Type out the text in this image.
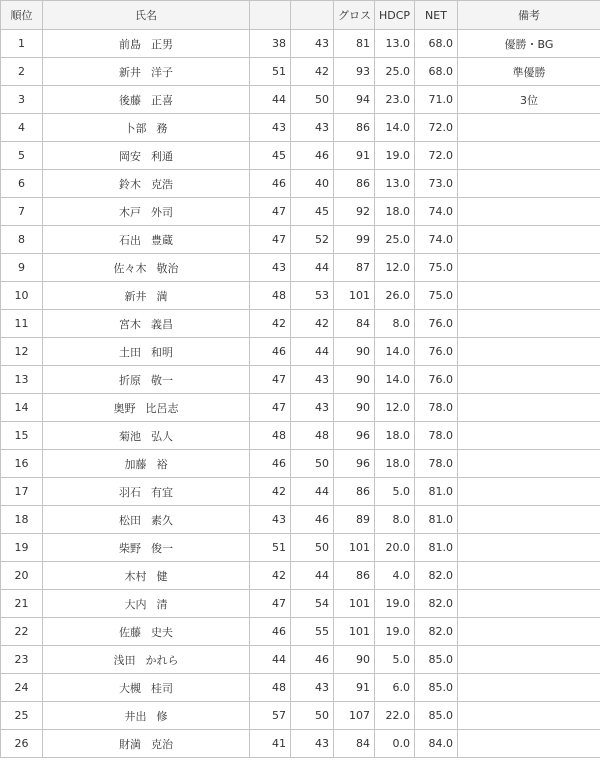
順位	氏名			グロス	HDCP	NET	備考
1	前島 正男	38	43	81	13.0	68.0	優勝・BG
2	新井 洋子	51	42	93	25.0	68.0	準優勝
3	後藤 正喜	44	50	94	23.0	71.0	3位
4	卜部 務	43	43	86	14.0	72.0	
5	岡安 利通	45	46	91	19.0	72.0	
6	鈴木 克浩	46	40	86	13.0	73.0	
7	木戸 外司	47	45	92	18.0	74.0	
8	石出 豊蔵	47	52	99	25.0	74.0	
9	佐々木 敬治	43	44	87	12.0	75.0	
10	新井 満	48	53	101	26.0	75.0	
11	宮木 義昌	42	42	84	8.0	76.0	
12	土田 和明	46	44	90	14.0	76.0	
13	折原 敬一	47	43	90	14.0	76.0	
14	奥野 比呂志	47	43	90	12.0	78.0	
15	菊池 弘人	48	48	96	18.0	78.0	
16	加藤 裕	46	50	96	18.0	78.0	
17	羽石 有宜	42	44	86	5.0	81.0	
18	松田 素久	43	46	89	8.0	81.0	
19	柴野 俊一	51	50	101	20.0	81.0	
20	木村 健	42	44	86	4.0	82.0	
21	大内 清	47	54	101	19.0	82.0	
22	佐藤 史夫	46	55	101	19.0	82.0	
23	浅田 かれら	44	46	90	5.0	85.0	
24	大槻 桂司	48	43	91	6.0	85.0	
25	井出 修	57	50	107	22.0	85.0	
26	財満 克治	41	43	84	0.0	84.0	
